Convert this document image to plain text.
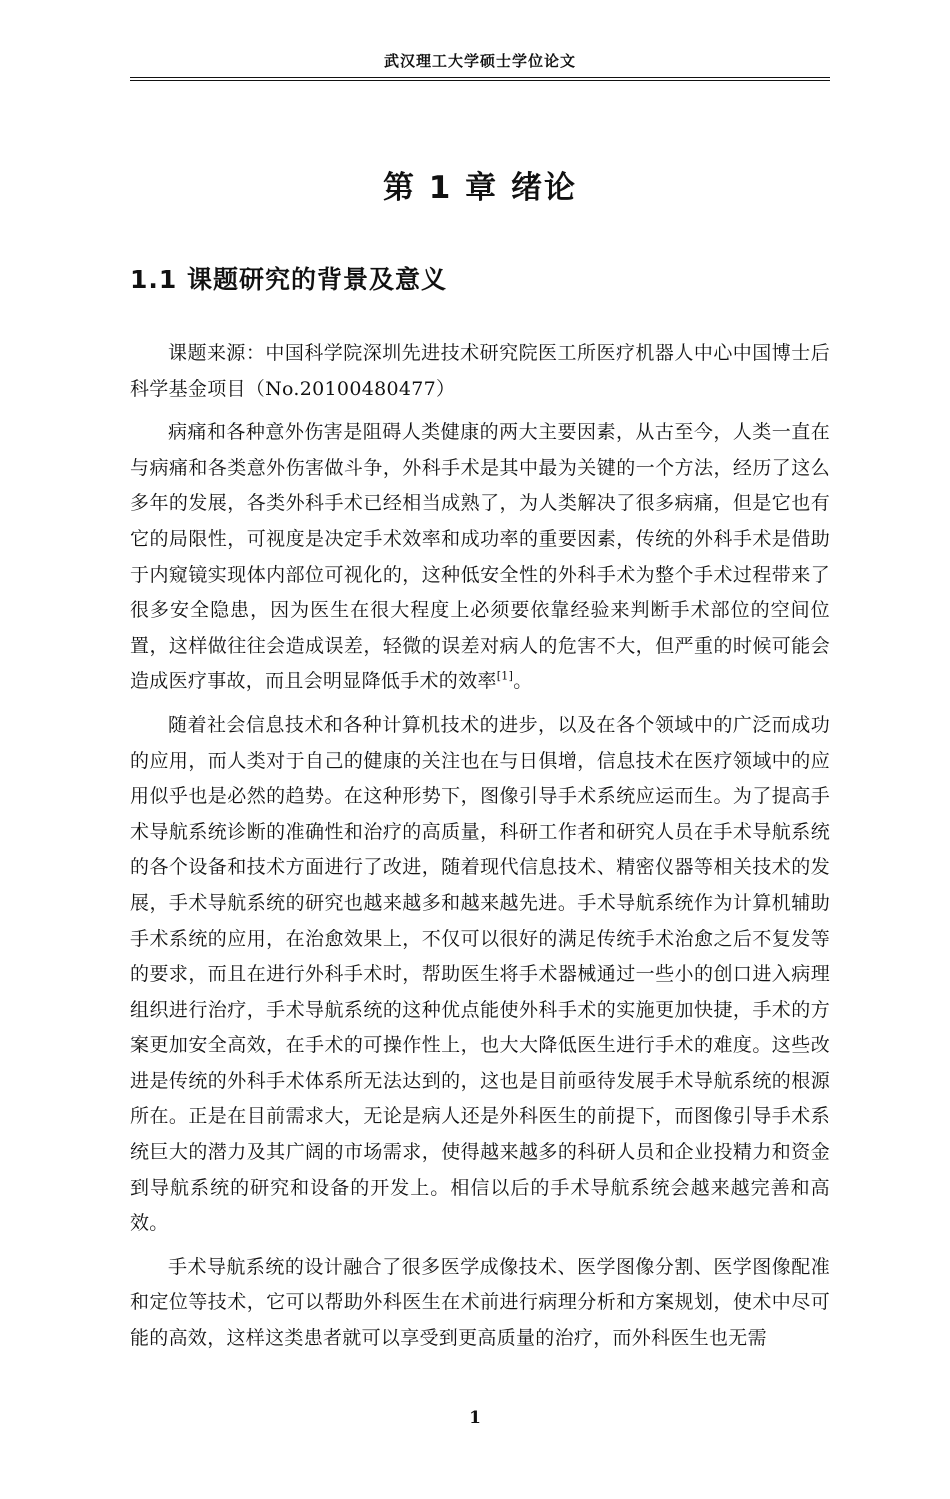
武汉理工大学硕士学位论文
第 1 章 绪论
1.1 课题研究的背景及意义

课题来源：中国科学院深圳先进技术研究院医工所医疗机器人中心中国博士后科学基金项目（No.20100480477）

病痛和各种意外伤害是阻碍人类健康的两大主要因素，从古至今，人类一直在与病痛和各类意外伤害做斗争，外科手术是其中最为关键的一个方法，经历了这么多年的发展，各类外科手术已经相当成熟了，为人类解决了很多病痛，但是它也有它的局限性，可视度是决定手术效率和成功率的重要因素，传统的外科手术是借助于内窥镜实现体内部位可视化的，这种低安全性的外科手术为整个手术过程带来了很多安全隐患，因为医生在很大程度上必须要依靠经验来判断手术部位的空间位置，这样做往往会造成误差，轻微的误差对病人的危害不大，但严重的时候可能会造成医疗事故，而且会明显降低手术的效率[1]。

随着社会信息技术和各种计算机技术的进步，以及在各个领域中的广泛而成功的应用，而人类对于自己的健康的关注也在与日俱增，信息技术在医疗领域中的应用似乎也是必然的趋势。在这种形势下，图像引导手术系统应运而生。为了提高手术导航系统诊断的准确性和治疗的高质量，科研工作者和研究人员在手术导航系统的各个设备和技术方面进行了改进，随着现代信息技术、精密仪器等相关技术的发展，手术导航系统的研究也越来越多和越来越先进。手术导航系统作为计算机辅助手术系统的应用，在治愈效果上，不仅可以很好的满足传统手术治愈之后不复发等的要求，而且在进行外科手术时，帮助医生将手术器械通过一些小的创口进入病理组织进行治疗，手术导航系统的这种优点能使外科手术的实施更加快捷，手术的方案更加安全高效，在手术的可操作性上，也大大降低医生进行手术的难度。这些改进是传统的外科手术体系所无法达到的，这也是目前亟待发展手术导航系统的根源所在。正是在目前需求大，无论是病人还是外科医生的前提下，而图像引导手术系统巨大的潜力及其广阔的市场需求，使得越来越多的科研人员和企业投精力和资金到导航系统的研究和设备的开发上。相信以后的手术导航系统会越来越完善和高效。

手术导航系统的设计融合了很多医学成像技术、医学图像分割、医学图像配准和定位等技术，它可以帮助外科医生在术前进行病理分析和方案规划，使术中尽可能的高效，这样这类患者就可以享受到更高质量的治疗，而外科医生也无需

1
